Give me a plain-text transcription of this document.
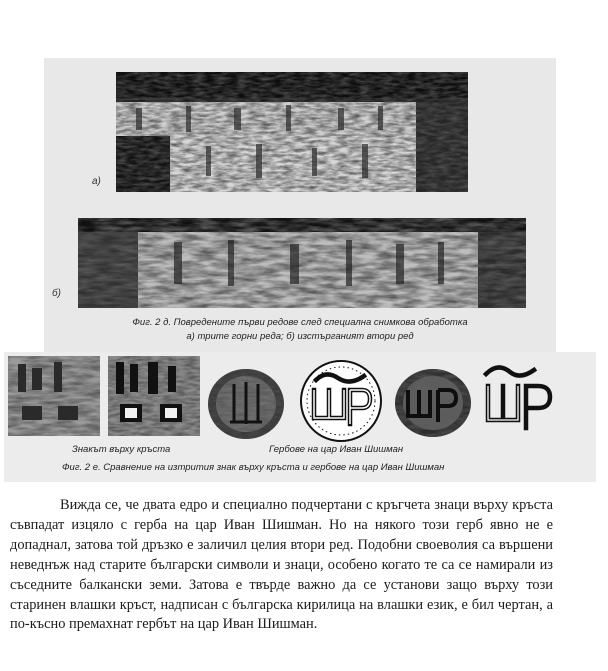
а)
б)
Фиг. 2 д. Повредените първи редове след специална снимкова обработка
а) трите горни реда; б) изстърганият втори ред
Знакът върху кръста	Гербове на цар Иван Шишман
Фиг. 2 е. Сравнение на изтрития знак върху кръста и гербове на цар Иван Шишман

Вижда се, че двата едро и специално подчертани с кръгчета знаци върху кръста съвпадат изцяло с герба на цар Иван Шишман. Но на някого този герб явно не е допаднал, затова той дръзко е заличил целия втори ред. Подобни своеволия са вършени неведнъж над старите български символи и знаци, особено когато те са се намирали из съседните балкански земи. Затова е твърде важно да се установи защо върху този старинен влашки кръст, надписан с българска кирилица на влашки език, е бил чертан, а по-късно премахнат гербът на цар Иван Шишман.
